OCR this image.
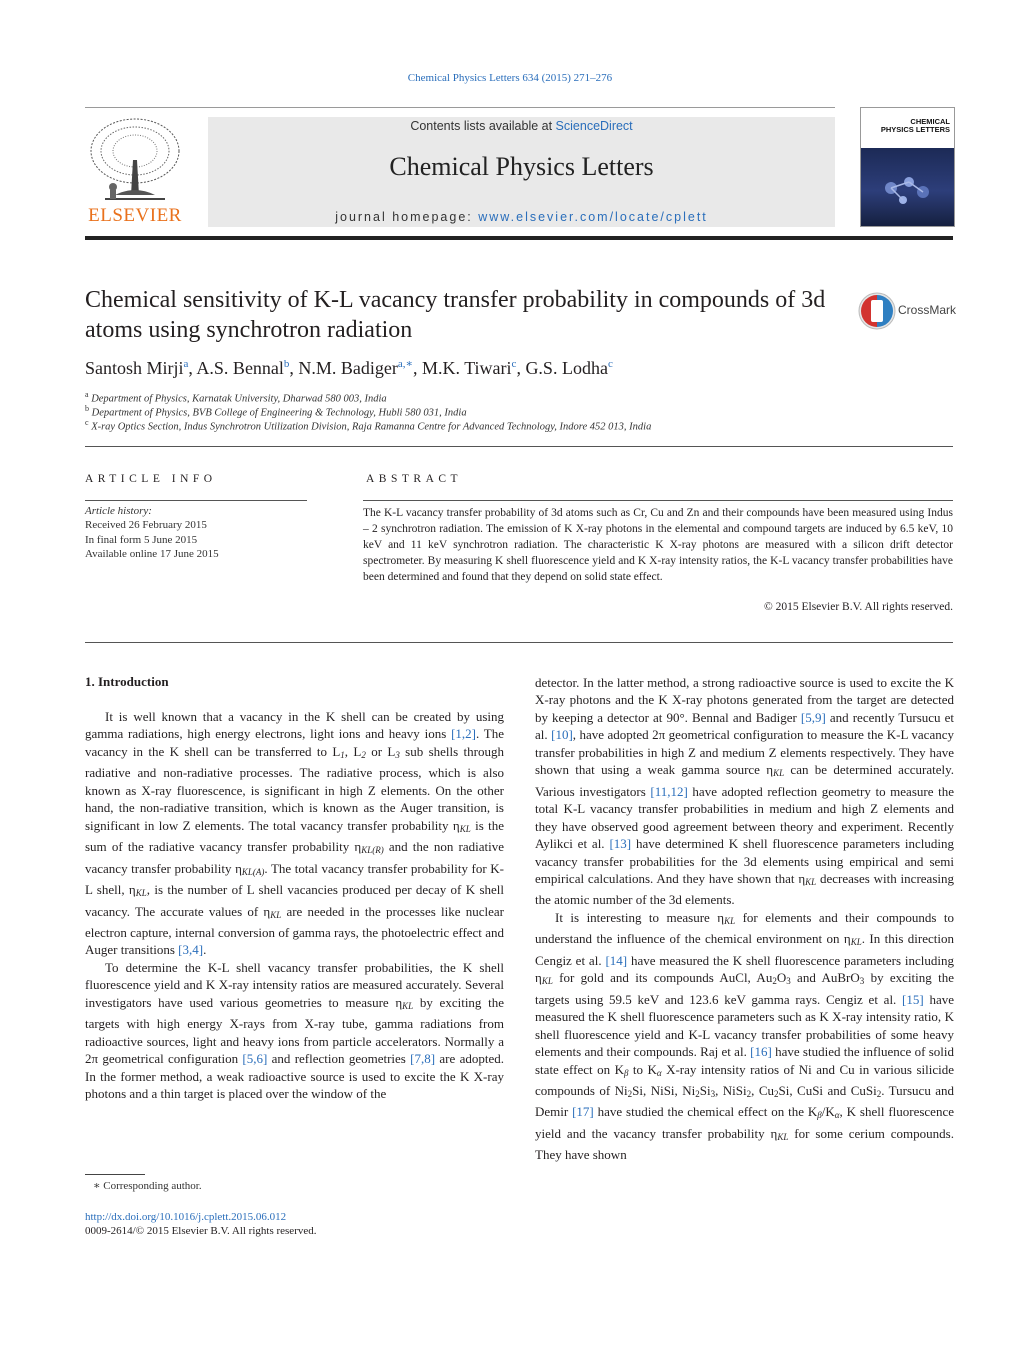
Chemical Physics Letters 634 (2015) 271–276
ELSEVIER
Contents lists available at ScienceDirect
Chemical Physics Letters
journal homepage: www.elsevier.com/locate/cplett
CHEMICAL PHYSICS LETTERS
Chemical sensitivity of K-L vacancy transfer probability in compounds of 3d atoms using synchrotron radiation
CrossMark
Santosh Mirji$^a$, A.S. Bennal$^b$, N.M. Badiger$^{a,∗}$, M.K. Tiwari$^c$, G.S. Lodha$^c$
$^a$ Department of Physics, Karnatak University, Dharwad 580 003, India
$^b$ Department of Physics, BVB College of Engineering & Technology, Hubli 580 031, India
$^c$ X-ray Optics Section, Indus Synchrotron Utilization Division, Raja Ramanna Centre for Advanced Technology, Indore 452 013, India
ARTICLE INFO
Article history:
Received 26 February 2015
In final form 5 June 2015
Available online 17 June 2015
ABSTRACT
The K-L vacancy transfer probability of 3d atoms such as Cr, Cu and Zn and their compounds have been measured using Indus – 2 synchrotron radiation. The emission of K X-ray photons in the elemental and compound targets are induced by 6.5 keV, 10 keV and 11 keV synchrotron radiation. The characteristic K X-ray photons are measured with a silicon drift detector spectrometer. By measuring K shell fluorescence yield and K X-ray intensity ratios, the K-L vacancy transfer probabilities have been determined and found that they depend on solid state effect.
© 2015 Elsevier B.V. All rights reserved.
1. Introduction

It is well known that a vacancy in the K shell can be created by using gamma radiations, high energy electrons, light ions and heavy ions [1,2]. The vacancy in the K shell can be transferred to L1, L2 or L3 sub shells through radiative and non-radiative processes. The radiative process, which is also known as X-ray fluorescence, is significant in high Z elements. On the other hand, the non-radiative transition, which is known as the Auger transition, is significant in low Z elements. The total vacancy transfer probability ηKL is the sum of the radiative vacancy transfer probability ηKL(R) and the non radiative vacancy transfer probability ηKL(A). The total vacancy transfer probability for K-L shell, ηKL, is the number of L shell vacancies produced per decay of K shell vacancy. The accurate values of ηKL are needed in the processes like nuclear electron capture, internal conversion of gamma rays, the photoelectric effect and Auger transitions [3,4].

To determine the K-L shell vacancy transfer probabilities, the K shell fluorescence yield and K X-ray intensity ratios are measured accurately. Several investigators have used various geometries to measure ηKL by exciting the targets with high energy X-rays from X-ray tube, gamma radiations from radioactive sources, light and heavy ions from particle accelerators. Normally a 2π geometrical configuration [5,6] and reflection geometries [7,8] are adopted. In the former method, a weak radioactive source is used to excite the K X-ray photons and a thin target is placed over the window of the

detector. In the latter method, a strong radioactive source is used to excite the K X-ray photons and the K X-ray photons generated from the target are detected by keeping a detector at 90°. Bennal and Badiger [5,9] and recently Tursucu et al. [10], have adopted 2π geometrical configuration to measure the K-L vacancy transfer probabilities in high Z and medium Z elements respectively. They have shown that using a weak gamma source ηKL can be determined accurately. Various investigators [11,12] have adopted reflection geometry to measure the total K-L vacancy transfer probabilities in medium and high Z elements and they have observed good agreement between theory and experiment. Recently Aylikci et al. [13] have determined K shell fluorescence parameters including vacancy transfer probabilities for the 3d elements using empirical and semi empirical calculations. And they have shown that ηKL decreases with increasing the atomic number of the 3d elements.

It is interesting to measure ηKL for elements and their compounds to understand the influence of the chemical environment on ηKL. In this direction Cengiz et al. [14] have measured the K shell fluorescence parameters including ηKL for gold and its compounds AuCl, Au2O3 and AuBrO3 by exciting the targets using 59.5 keV and 123.6 keV gamma rays. Cengiz et al. [15] have measured the K shell fluorescence parameters such as K X-ray intensity ratio, K shell fluorescence yield and K-L vacancy transfer probabilities of some heavy elements and their compounds. Raj et al. [16] have studied the influence of solid state effect on Kβ to Kα X-ray intensity ratios of Ni and Cu in various silicide compounds of Ni2Si, NiSi, Ni2Si3, NiSi2, Cu2Si, CuSi and CuSi2. Tursucu and Demir [17] have studied the chemical effect on the Kβ/Kα, K shell fluorescence yield and the vacancy transfer probability ηKL for some cerium compounds. They have shown

∗ Corresponding author.
http://dx.doi.org/10.1016/j.cplett.2015.06.012
0009-2614/© 2015 Elsevier B.V. All rights reserved.
